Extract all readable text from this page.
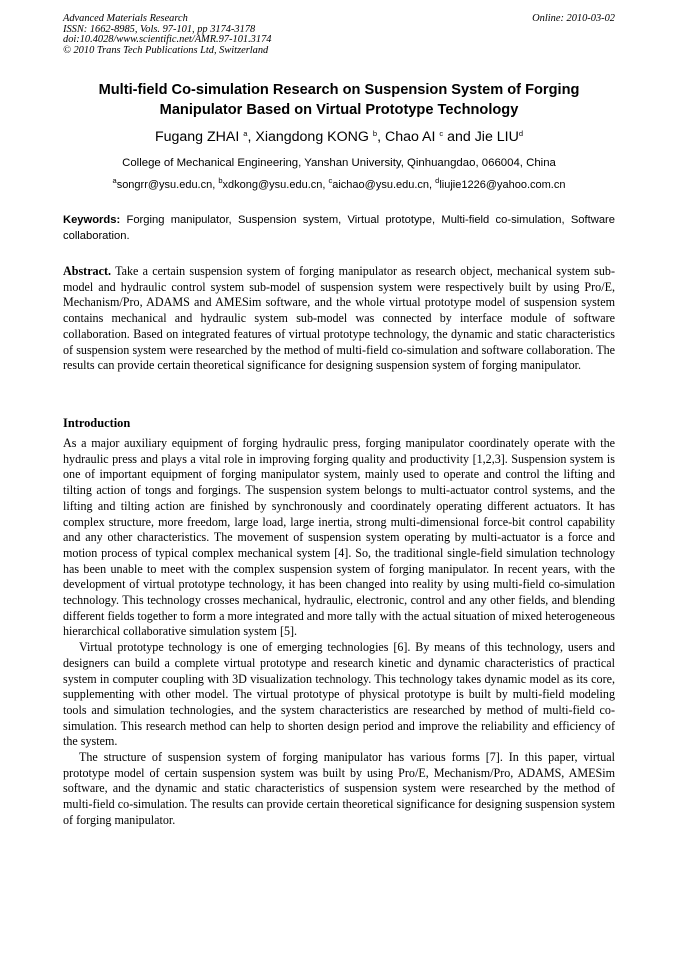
Advanced Materials Research
ISSN: 1662-8985, Vols. 97-101, pp 3174-3178
doi:10.4028/www.scientific.net/AMR.97-101.3174
© 2010 Trans Tech Publications Ltd, Switzerland
Online: 2010-03-02
Multi-field Co-simulation Research on Suspension System of Forging
Manipulator Based on Virtual Prototype Technology
Fugang ZHAI $^a$, Xiangdong KONG $^b$, Chao AI $^c$ and Jie LIU$^d$
College of Mechanical Engineering, Yanshan University, Qinhuangdao, 066004, China
$^a$songrr@ysu.edu.cn, $^b$xdkong@ysu.edu.cn, $^c$aichao@ysu.edu.cn, $^d$liujie1226@yahoo.com.cn
Keywords: Forging manipulator, Suspension system, Virtual prototype, Multi-field co-simulation, Software collaboration.
Abstract. Take a certain suspension system of forging manipulator as research object, mechanical system sub-model and hydraulic control system sub-model of suspension system were respectively built by using Pro/E, Mechanism/Pro, ADAMS and AMESim software, and the whole virtual prototype model of suspension system contains mechanical and hydraulic system sub-model was connected by interface module of software collaboration. Based on integrated features of virtual prototype technology, the dynamic and static characteristics of suspension system were researched by the method of multi-field co-simulation and software collaboration. The results can provide certain theoretical significance for designing suspension system of forging manipulator.
Introduction

As a major auxiliary equipment of forging hydraulic press, forging manipulator coordinately operate with the hydraulic press and plays a vital role in improving forging quality and productivity [1,2,3]. Suspension system is one of important equipment of forging manipulator system, mainly used to operate and control the lifting and tilting action of tongs and forgings. The suspension system belongs to multi-actuator control systems, and the lifting and tilting action are finished by synchronously and coordinately operating different actuators. It has complex structure, more freedom, large load, large inertia, strong multi-dimensional force-bit control capability and any other characteristics. The movement of suspension system operating by multi-actuator is a force and motion process of typical complex mechanical system [4]. So, the traditional single-field simulation technology has been unable to meet with the complex suspension system of forging manipulator. In recent years, with the development of virtual prototype technology, it has been changed into reality by using multi-field co-simulation technology. This technology crosses mechanical, hydraulic, electronic, control and any other fields, and blending different fields together to form a more integrated and more tally with the actual situation of mixed heterogeneous hierarchical collaborative simulation system [5].

Virtual prototype technology is one of emerging technologies [6]. By means of this technology, users and designers can build a complete virtual prototype and research kinetic and dynamic characteristics of practical system in computer coupling with 3D visualization technology. This technology takes dynamic model as its core, supplementing with other model. The virtual prototype of physical prototype is built by multi-field modeling tools and simulation technologies, and the system characteristics are researched by method of multi-field co-simulation. This research method can help to shorten design period and improve the reliability and efficiency of the system.

The structure of suspension system of forging manipulator has various forms [7]. In this paper, virtual prototype model of certain suspension system was built by using Pro/E, Mechanism/Pro, ADAMS, AMESim software, and the dynamic and static characteristics of suspension system were researched by the method of multi-field co-simulation. The results can provide certain theoretical significance for designing suspension system of forging manipulator.
